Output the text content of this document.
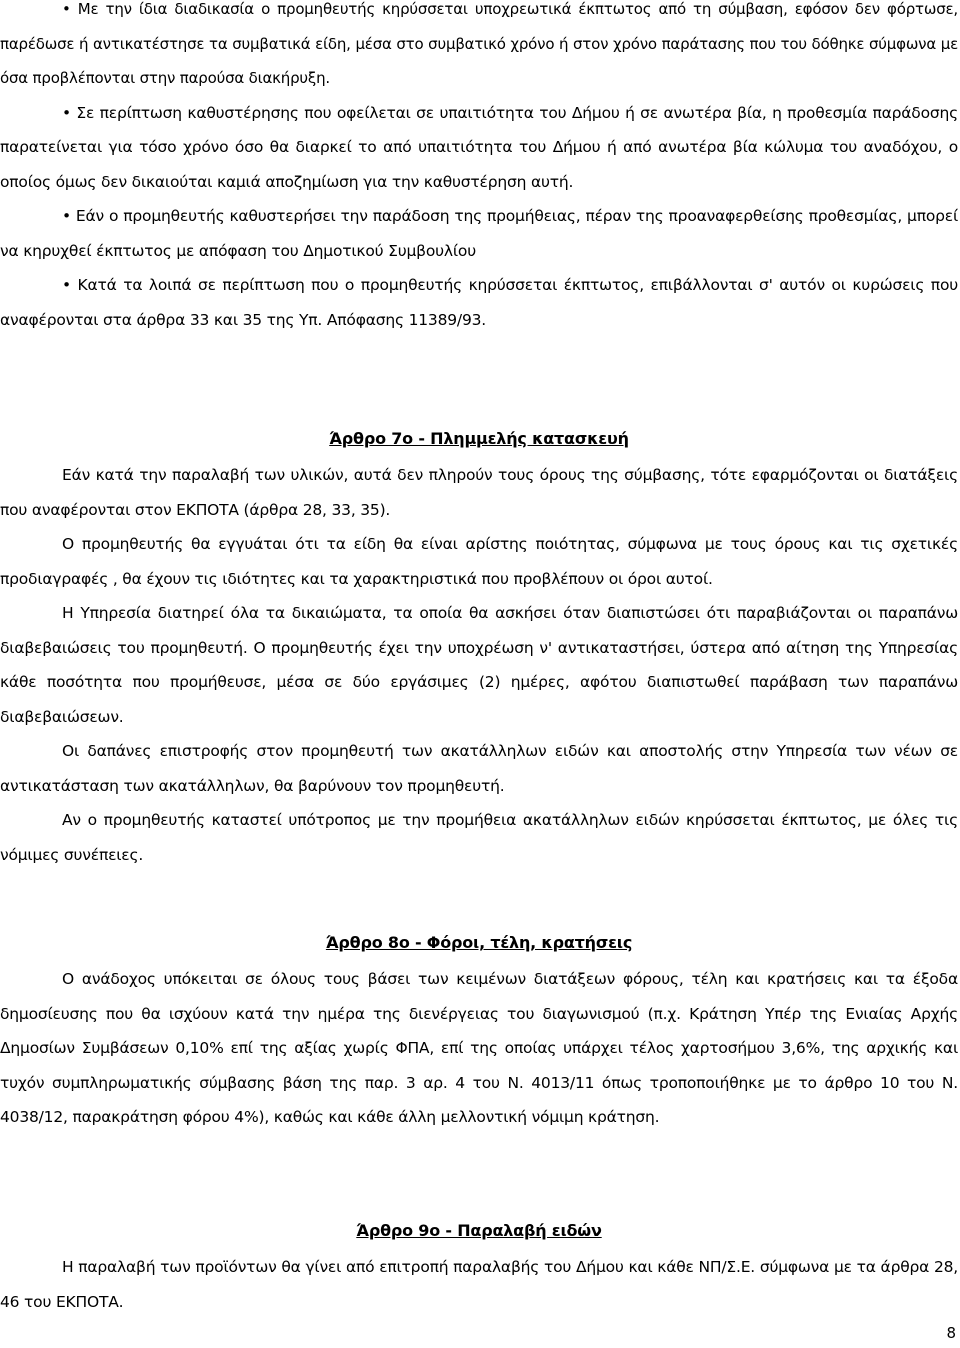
• Με την ίδια διαδικασία ο προμηθευτής κηρύσσεται υποχρεωτικά έκπτωτος από τη σύμβαση, εφόσον δεν φόρτωσε, παρέδωσε ή αντικατέστησε τα συμβατικά είδη, μέσα στο συμβατικό χρόνο ή στον χρόνο παράτασης που του δόθηκε σύμφωνα με όσα προβλέπονται στην παρούσα διακήρυξη.

• Σε περίπτωση καθυστέρησης που οφείλεται σε υπαιτιότητα του Δήμου ή σε ανωτέρα βία, η προθεσμία παράδοσης παρατείνεται για τόσο χρόνο όσο θα διαρκεί το από υπαιτιότητα του Δήμου ή από ανωτέρα βία κώλυμα του αναδόχου, ο οποίος όμως δεν δικαιούται καμιά αποζημίωση για την καθυστέρηση αυτή.

• Εάν ο προμηθευτής καθυστερήσει την παράδοση της προμήθειας, πέραν της προαναφερθείσης προθεσμίας, μπορεί να κηρυχθεί έκπτωτος με απόφαση του Δημοτικού Συμβουλίου

• Κατά τα λοιπά σε περίπτωση που ο προμηθευτής κηρύσσεται έκπτωτος, επιβάλλονται σ' αυτόν οι κυρώσεις που αναφέρονται στα άρθρα 33 και 35 της Υπ. Απόφασης 11389/93.

Άρθρο 7ο - Πλημμελής κατασκευή

Εάν κατά την παραλαβή των υλικών, αυτά δεν πληρούν τους όρους της σύμβασης, τότε εφαρμόζονται οι διατάξεις που αναφέρονται στον ΕΚΠΟΤΑ (άρθρα 28, 33, 35).

Ο προμηθευτής θα εγγυάται ότι τα είδη θα είναι αρίστης ποιότητας, σύμφωνα με τους όρους και τις σχετικές προδιαγραφές , θα έχουν τις ιδιότητες και τα χαρακτηριστικά που προβλέπουν οι όροι αυτοί.

Η Υπηρεσία διατηρεί όλα τα δικαιώματα, τα οποία θα ασκήσει όταν διαπιστώσει ότι παραβιάζονται οι παραπάνω διαβεβαιώσεις του προμηθευτή. Ο προμηθευτής έχει την υποχρέωση ν' αντικαταστήσει, ύστερα από αίτηση της Υπηρεσίας κάθε ποσότητα που προμήθευσε, μέσα σε δύο εργάσιμες (2) ημέρες, αφότου διαπιστωθεί παράβαση των παραπάνω διαβεβαιώσεων.

Οι δαπάνες επιστροφής στον προμηθευτή των ακατάλληλων ειδών και αποστολής στην Υπηρεσία των νέων σε αντικατάσταση των ακατάλληλων, θα βαρύνουν τον προμηθευτή.

Αν ο προμηθευτής καταστεί υπότροπος με την προμήθεια ακατάλληλων ειδών κηρύσσεται έκπτωτος, με όλες τις νόμιμες συνέπειες.

Άρθρο 8ο - Φόροι, τέλη, κρατήσεις

Ο ανάδοχος υπόκειται σε όλους τους βάσει των κειμένων διατάξεων φόρους, τέλη και κρατήσεις και τα έξοδα δημοσίευσης που θα ισχύουν κατά την ημέρα της διενέργειας του διαγωνισμού (π.χ. Κράτηση Υπέρ της Ενιαίας Αρχής Δημοσίων Συμβάσεων 0,10% επί της αξίας χωρίς ΦΠΑ, επί της οποίας υπάρχει τέλος χαρτοσήμου 3,6%, της αρχικής και τυχόν συμπληρωματικής σύμβασης βάση της παρ. 3 αρ. 4 του Ν. 4013/11 όπως τροποποιήθηκε με το άρθρο 10 του Ν. 4038/12, παρακράτηση φόρου 4%), καθώς και κάθε άλλη μελλοντική νόμιμη κράτηση.

Άρθρο 9ο - Παραλαβή ειδών

Η παραλαβή των προϊόντων θα γίνει από επιτροπή παραλαβής του Δήμου και κάθε ΝΠ/Σ.Ε. σύμφωνα με τα άρθρα 28, 46 του ΕΚΠΟΤΑ.

8
